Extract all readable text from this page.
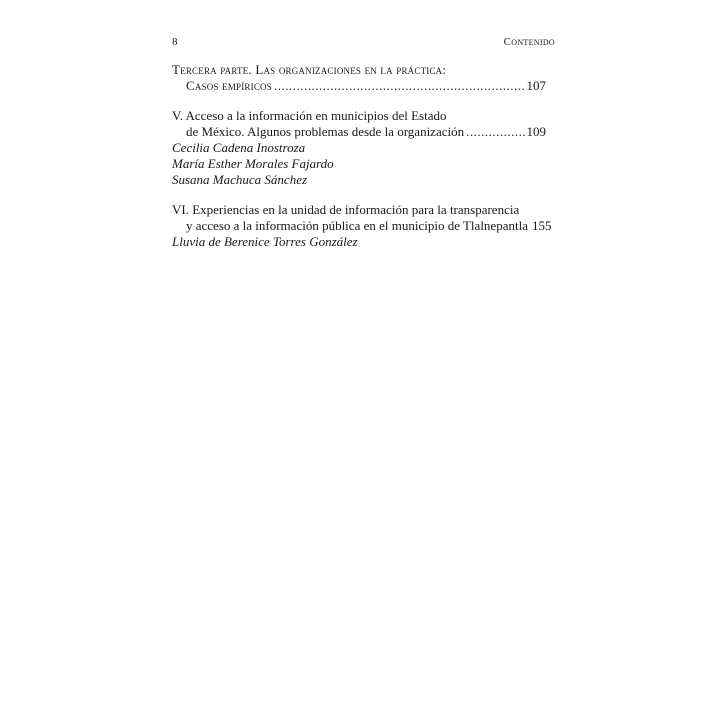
8	Contenido
Tercera parte. Las organizaciones en la práctica:
Casos empíricos .....	107
V. Acceso a la información en municipios del Estado
de México. Algunos problemas desde la organización .....	109
Cecilia Cadena Inostroza
María Esther Morales Fajardo
Susana Machuca Sánchez
VI. Experiencias en la unidad de información para la transparencia
y acceso a la información pública en el municipio de Tlalnepantla 155
Lluvia de Berenice Torres González
